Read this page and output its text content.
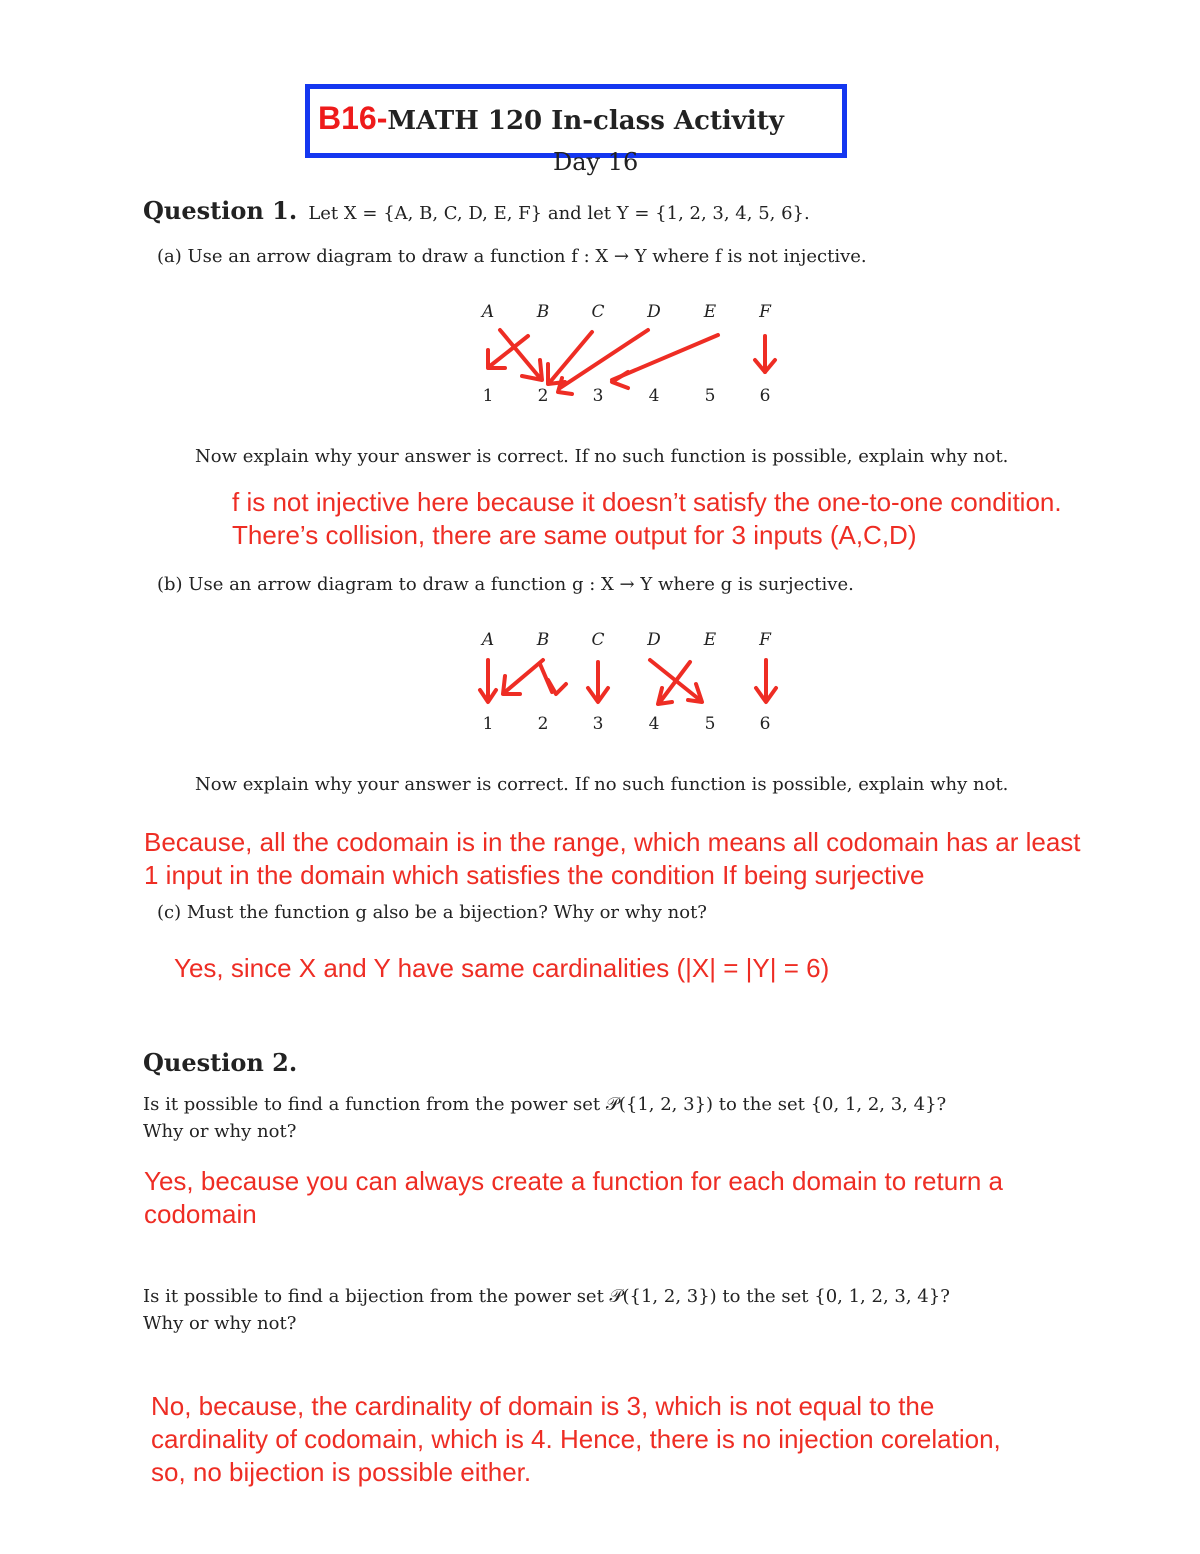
B16-MATH 120 In-class Activity
Day 16
Question 1. Let X = {A, B, C, D, E, F} and let Y = {1, 2, 3, 4, 5, 6}.
(a) Use an arrow diagram to draw a function f : X → Y where f is not injective.
A	B	C	D	E	F
1	2	3	4	5	6
Now explain why your answer is correct. If no such function is possible, explain why not.
f is not injective here because it doesn’t satisfy the one-to-one condition.
There’s collision, there are same output for 3 inputs (A,C,D)
(b) Use an arrow diagram to draw a function g : X → Y where g is surjective.
A	B	C	D	E	F
1	2	3	4	5	6
Now explain why your answer is correct. If no such function is possible, explain why not.
Because, all the codomain is in the range, which means all codomain has ar least
1 input in the domain which satisfies the condition If being surjective
(c) Must the function g also be a bijection? Why or why not?
Yes, since X and Y have same cardinalities (|X| = |Y| = 6)
Question 2.
Is it possible to find a function from the power set 𝒫({1, 2, 3}) to the set {0, 1, 2, 3, 4}?
Why or why not?
Yes, because you can always create a function for each domain to return a
codomain
Is it possible to find a bijection from the power set 𝒫({1, 2, 3}) to the set {0, 1, 2, 3, 4}?
Why or why not?
No, because, the cardinality of domain is 3, which is not equal to the
cardinality of codomain, which is 4. Hence, there is no injection corelation,
so, no bijection is possible either.
